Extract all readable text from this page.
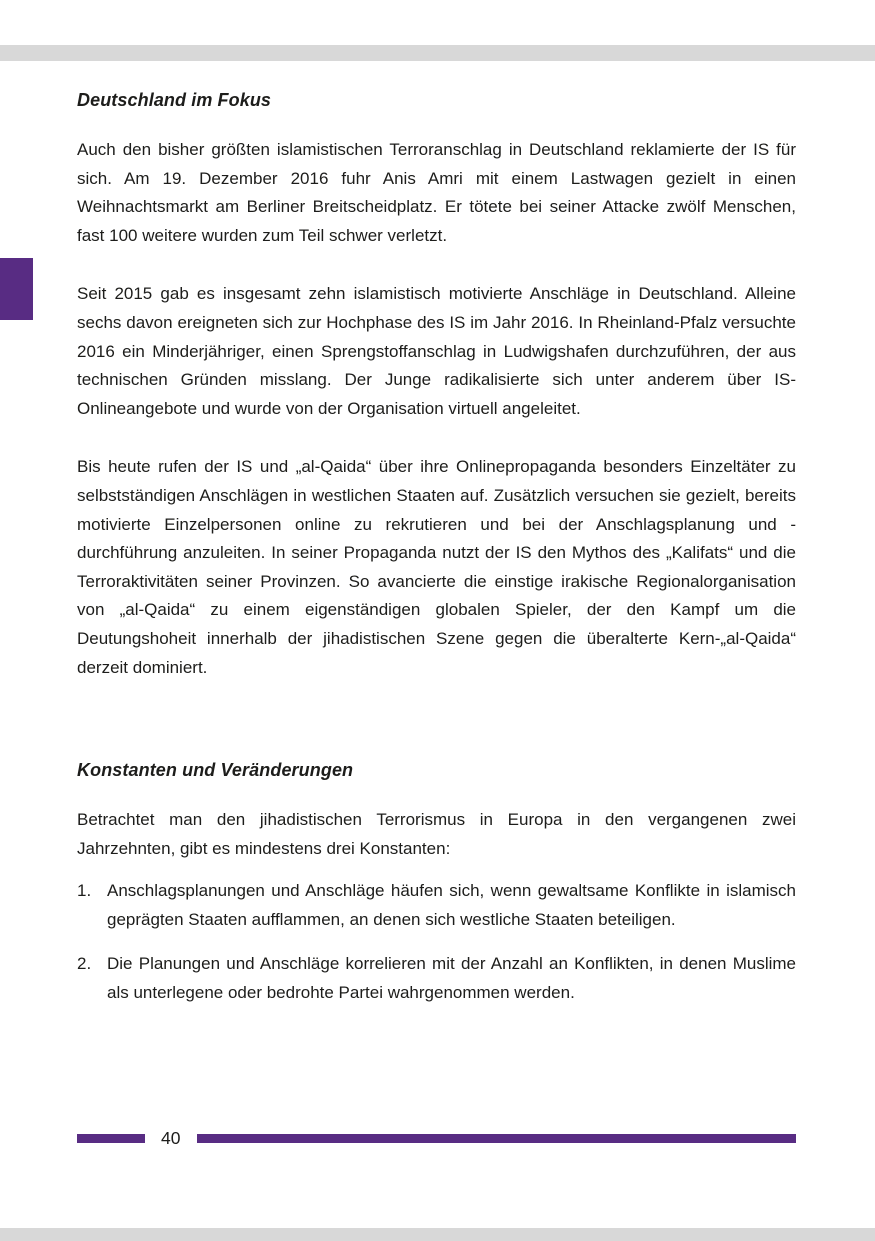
Deutschland im Fokus

Auch den bisher größten islamistischen Terroranschlag in Deutschland reklamierte der IS für sich. Am 19. Dezember 2016 fuhr Anis Amri mit einem Lastwagen gezielt in einen Weihnachtsmarkt am Berliner Breitscheidplatz. Er tötete bei seiner Attacke zwölf Menschen, fast 100 weitere wurden zum Teil schwer verletzt.

Seit 2015 gab es insgesamt zehn islamistisch motivierte Anschläge in Deutschland. Alleine sechs davon ereigneten sich zur Hochphase des IS im Jahr 2016. In Rheinland-Pfalz versuchte 2016 ein Minderjähriger, einen Sprengstoffanschlag in Ludwigshafen durchzuführen, der aus technischen Gründen misslang. Der Junge radikalisierte sich unter anderem über IS-Onlineangebote und wurde von der Organisation virtuell angeleitet.

Bis heute rufen der IS und „al-Qaida“ über ihre Onlinepropaganda besonders Einzeltäter zu selbstständigen Anschlägen in westlichen Staaten auf. Zusätzlich versuchen sie gezielt, bereits motivierte Einzelpersonen online zu rekrutieren und bei der Anschlagsplanung und -durchführung anzuleiten. In seiner Propaganda nutzt der IS den Mythos des „Kalifats“ und die Terroraktivitäten seiner Provinzen. So avancierte die einstige irakische Regionalorganisation von „al-Qaida“ zu einem eigenständigen globalen Spieler, der den Kampf um die Deutungshoheit innerhalb der jihadistischen Szene gegen die überalterte Kern-„al-Qaida“ derzeit dominiert.

Konstanten und Veränderungen

Betrachtet man den jihadistischen Terrorismus in Europa in den vergangenen zwei Jahrzehnten, gibt es mindestens drei Konstanten:

1. Anschlagsplanungen und Anschläge häufen sich, wenn gewaltsame Konflikte in islamisch geprägten Staaten aufflammen, an denen sich westliche Staaten beteiligen.
2. Die Planungen und Anschläge korrelieren mit der Anzahl an Konflikten, in denen Muslime als unterlegene oder bedrohte Partei wahrgenommen werden.
40
